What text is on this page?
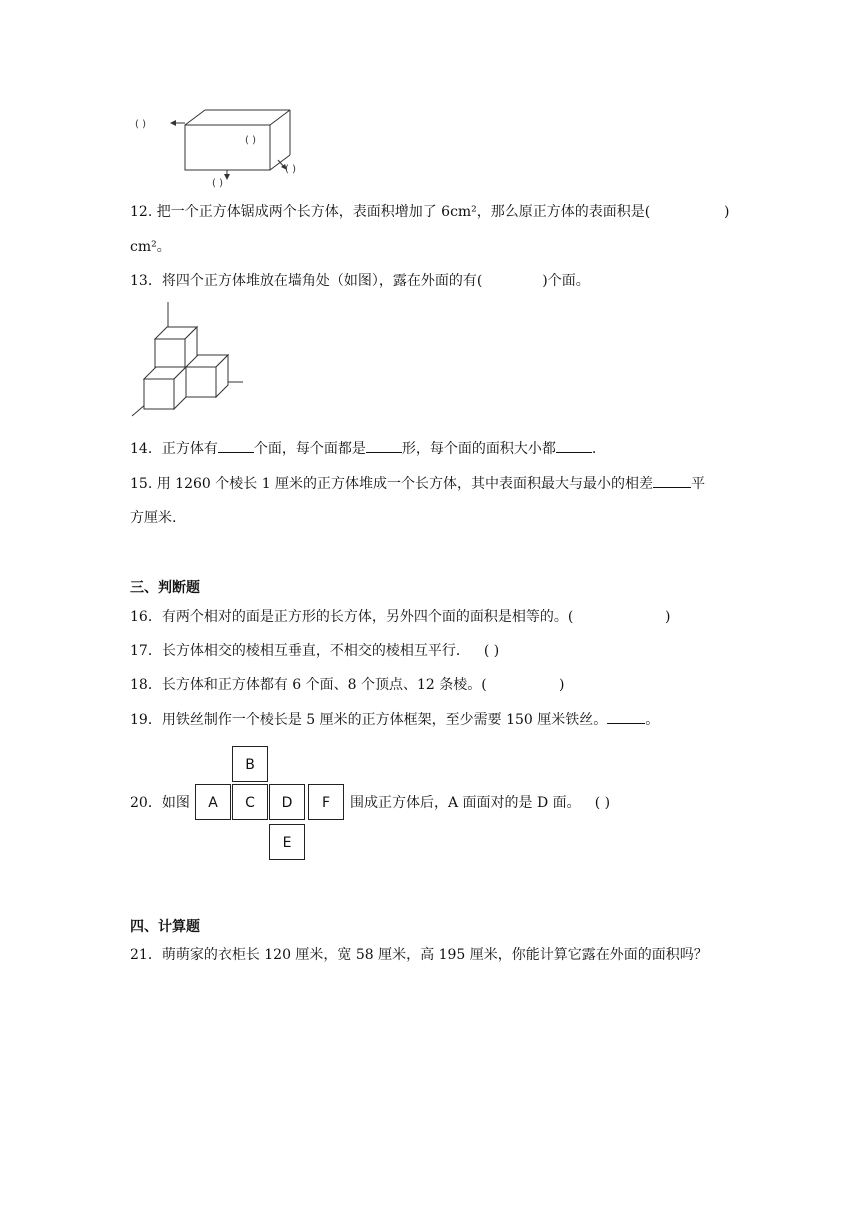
( )
( )
( )
( )
12. 把一个正方体锯成两个长方体，表面积增加了 6cm²，那么原正方体的表面积是(	)
cm²。
13．将四个正方体堆放在墙角处（如图），露在外面的有(	)个面。
14．正方体有	个面，每个面都是	形，每个面的面积大小都	.
15. 用 1260 个棱长 1 厘米的正方体堆成一个长方体，其中表面积最大与最小的相差	平
方厘米.
三、判断题
16．有两个相对的面是正方形的长方体，另外四个面的面积是相等的。(	)
17．长方体相交的棱相互垂直，不相交的棱相互平行． ( )
18．长方体和正方体都有 6 个面、8 个顶点、12 条棱。(	)
19．用铁丝制作一个棱长是 5 厘米的正方体框架，至少需要 150 厘米铁丝。	。
20．如图
B
A	C	D	F
E
围成正方体后，A 面面对的是 D 面。 ( )
四、计算题
21．萌萌家的衣柜长 120 厘米，宽 58 厘米，高 195 厘米，你能计算它露在外面的面积吗？
